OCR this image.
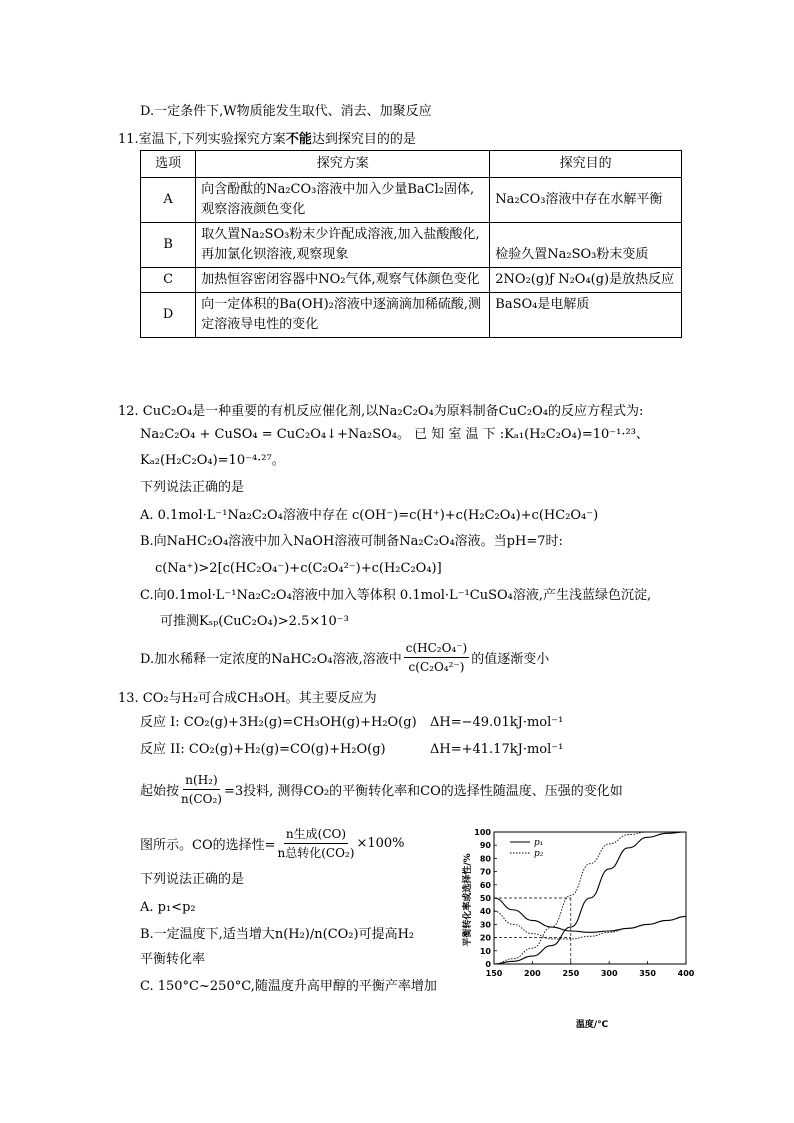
D.一定条件下,W物质能发生取代、消去、加聚反应
11.室温下,下列实验探究方案不能达到探究目的的是
选项	探究方案	探究目的
A	向含酚酞的Na₂CO₃溶液中加入少量BaCl₂固体,观察溶液颜色变化	Na₂CO₃溶液中存在水解平衡
B	取久置Na₂SO₃粉末少许配成溶液,加入盐酸酸化,再加氯化钡溶液,观察现象	检验久置Na₂SO₃粉末变质
C	加热恒容密闭容器中NO₂气体,观察气体颜色变化	2NO₂(g)ƒ N₂O₄(g)是放热反应
D	向一定体积的Ba(OH)₂溶液中逐滴滴加稀硫酸,测定溶液导电性的变化	BaSO₄是电解质
12. CuC₂O₄是一种重要的有机反应催化剂,以Na₂C₂O₄为原料制备CuC₂O₄的反应方程式为:
Na₂C₂O₄ + CuSO₄ = CuC₂O₄↓+Na₂SO₄。 已 知 室 温 下 :Kₐ₁(H₂C₂O₄)=10⁻¹·²³、
Kₐ₂(H₂C₂O₄)=10⁻⁴·²⁷。
下列说法正确的是
A. 0.1mol·L⁻¹Na₂C₂O₄溶液中存在 c(OH⁻)=c(H⁺)+c(H₂C₂O₄)+c(HC₂O₄⁻)
B.向NaHC₂O₄溶液中加入NaOH溶液可制备Na₂C₂O₄溶液。当pH=7时:
c(Na⁺)>2[c(HC₂O₄⁻)+c(C₂O₄²⁻)+c(H₂C₂O₄)]
C.向0.1mol·L⁻¹Na₂C₂O₄溶液中加入等体积 0.1mol·L⁻¹CuSO₄溶液,产生浅蓝绿色沉淀,
可推测Kₛₚ(CuC₂O₄)>2.5×10⁻³
D.加水稀释一定浓度的NaHC₂O₄溶液,溶液中 $\frac{\text{c(HC₂O₄⁻)}}{\text{c(C₂O₄²⁻)}}$ 的值逐渐变小
13. CO₂与H₂可合成CH₃OH。其主要反应为
反应 I: CO₂(g)+3H₂(g)=CH₃OH(g)+H₂O(g) ΔH=−49.01kJ·mol⁻¹
反应 II: CO₂(g)+H₂(g)=CO(g)+H₂O(g)	ΔH=+41.17kJ·mol⁻¹
起始按 $\frac{\text{n(H₂)}}{\text{n(CO₂)}} =3$投料, 测得CO₂的平衡转化率和CO的选择性随温度、压强的变化如
图所示。CO的选择性=
n生成(CO)
n总转化(CO₂)
×100%
下列说法正确的是
A. p₁<p₂
B.一定温度下,适当增大n(H₂)/n(CO₂)可提高H₂
平衡转化率
C. 150°C~250°C,随温度升高甲醇的平衡产率增加
0
10
20
30
40
50
60
70
80
90
100
150	200	250	300	350	400
平衡转化率或选择性/%
温度/℃
p₁
p₂
